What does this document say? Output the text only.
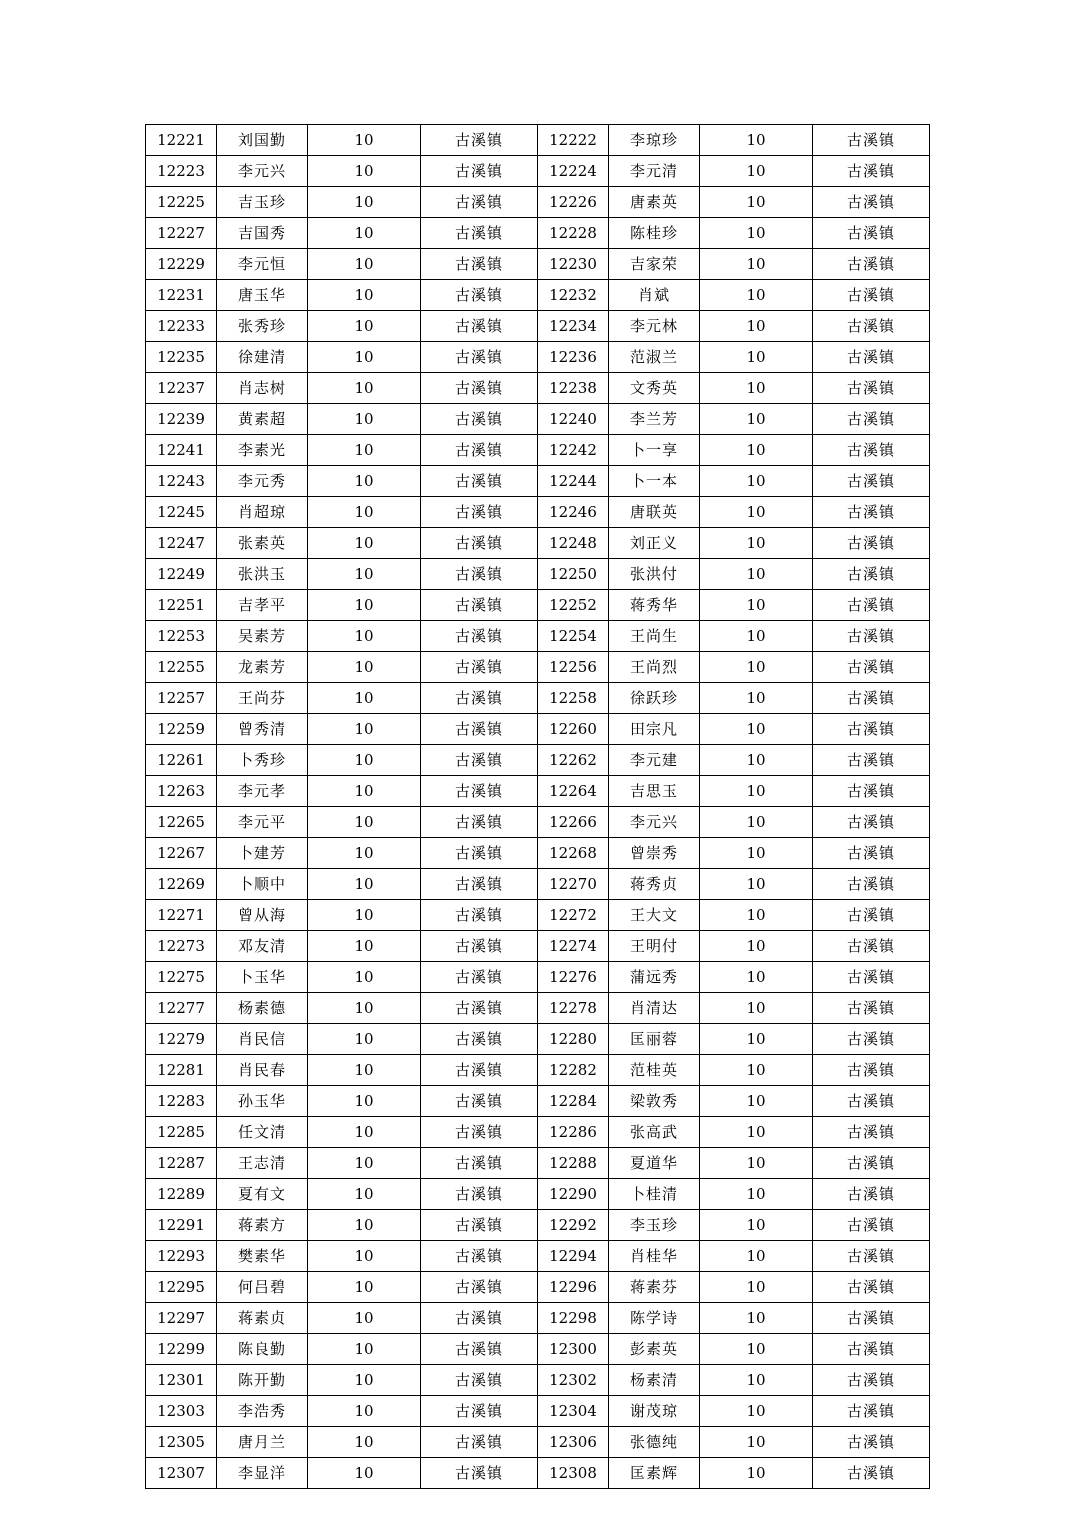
12221	刘国勤	10	古溪镇	12222	李琼珍	10	古溪镇
12223	李元兴	10	古溪镇	12224	李元清	10	古溪镇
12225	吉玉珍	10	古溪镇	12226	唐素英	10	古溪镇
12227	吉国秀	10	古溪镇	12228	陈桂珍	10	古溪镇
12229	李元恒	10	古溪镇	12230	吉家荣	10	古溪镇
12231	唐玉华	10	古溪镇	12232	肖斌	10	古溪镇
12233	张秀珍	10	古溪镇	12234	李元林	10	古溪镇
12235	徐建清	10	古溪镇	12236	范淑兰	10	古溪镇
12237	肖志树	10	古溪镇	12238	文秀英	10	古溪镇
12239	黄素超	10	古溪镇	12240	李兰芳	10	古溪镇
12241	李素光	10	古溪镇	12242	卜一享	10	古溪镇
12243	李元秀	10	古溪镇	12244	卜一本	10	古溪镇
12245	肖超琼	10	古溪镇	12246	唐联英	10	古溪镇
12247	张素英	10	古溪镇	12248	刘正义	10	古溪镇
12249	张洪玉	10	古溪镇	12250	张洪付	10	古溪镇
12251	吉孝平	10	古溪镇	12252	蒋秀华	10	古溪镇
12253	吴素芳	10	古溪镇	12254	王尚生	10	古溪镇
12255	龙素芳	10	古溪镇	12256	王尚烈	10	古溪镇
12257	王尚芬	10	古溪镇	12258	徐跃珍	10	古溪镇
12259	曾秀清	10	古溪镇	12260	田宗凡	10	古溪镇
12261	卜秀珍	10	古溪镇	12262	李元建	10	古溪镇
12263	李元孝	10	古溪镇	12264	吉思玉	10	古溪镇
12265	李元平	10	古溪镇	12266	李元兴	10	古溪镇
12267	卜建芳	10	古溪镇	12268	曾崇秀	10	古溪镇
12269	卜顺中	10	古溪镇	12270	蒋秀贞	10	古溪镇
12271	曾从海	10	古溪镇	12272	王大文	10	古溪镇
12273	邓友清	10	古溪镇	12274	王明付	10	古溪镇
12275	卜玉华	10	古溪镇	12276	蒲远秀	10	古溪镇
12277	杨素德	10	古溪镇	12278	肖清达	10	古溪镇
12279	肖民信	10	古溪镇	12280	匡丽蓉	10	古溪镇
12281	肖民春	10	古溪镇	12282	范桂英	10	古溪镇
12283	孙玉华	10	古溪镇	12284	梁敦秀	10	古溪镇
12285	任文清	10	古溪镇	12286	张高武	10	古溪镇
12287	王志清	10	古溪镇	12288	夏道华	10	古溪镇
12289	夏有文	10	古溪镇	12290	卜桂清	10	古溪镇
12291	蒋素方	10	古溪镇	12292	李玉珍	10	古溪镇
12293	樊素华	10	古溪镇	12294	肖桂华	10	古溪镇
12295	何吕碧	10	古溪镇	12296	蒋素芬	10	古溪镇
12297	蒋素贞	10	古溪镇	12298	陈学诗	10	古溪镇
12299	陈良勤	10	古溪镇	12300	彭素英	10	古溪镇
12301	陈开勤	10	古溪镇	12302	杨素清	10	古溪镇
12303	李浩秀	10	古溪镇	12304	谢茂琼	10	古溪镇
12305	唐月兰	10	古溪镇	12306	张德纯	10	古溪镇
12307	李显洋	10	古溪镇	12308	匡素辉	10	古溪镇
